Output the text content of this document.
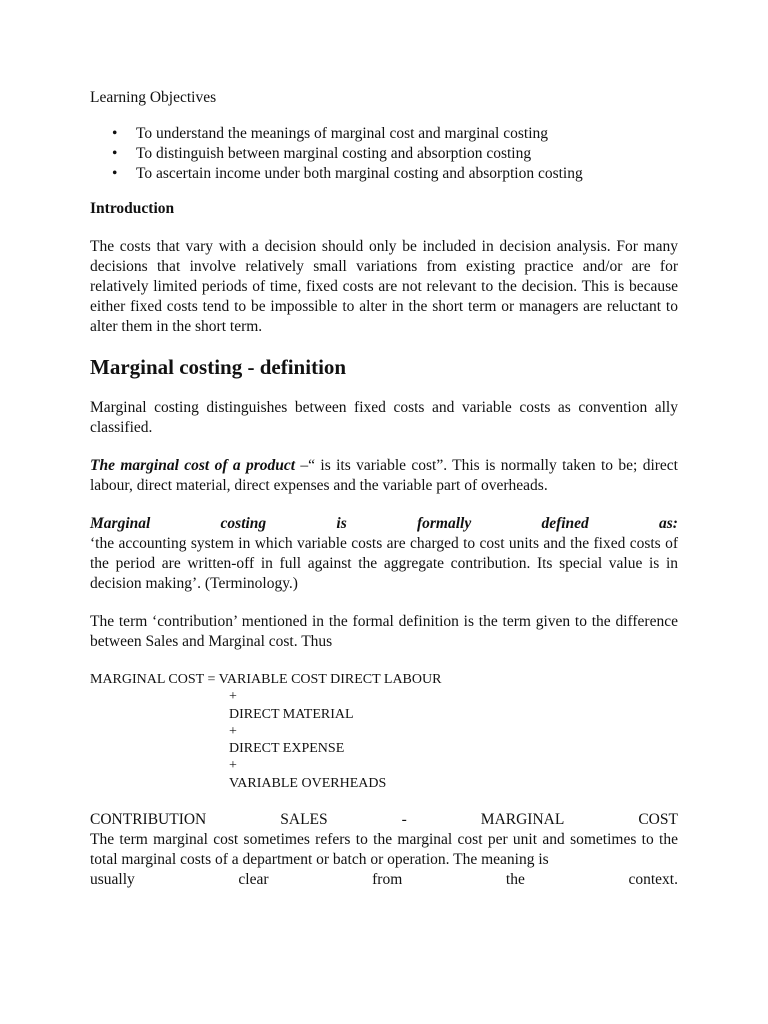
Learning Objectives

• To understand the meanings of marginal cost and marginal costing
• To distinguish between marginal costing and absorption costing
• To ascertain income under both marginal costing and absorption costing

Introduction

The costs that vary with a decision should only be included in decision analysis. For many decisions that involve relatively small variations from existing practice and/or are for relatively limited periods of time, fixed costs are not relevant to the decision. This is because either fixed costs tend to be impossible to alter in the short term or managers are reluctant to alter them in the short term.

Marginal costing - definition

Marginal costing distinguishes between fixed costs and variable costs as convention ally classified.

The marginal cost of a product –“ is its variable cost”. This is normally taken to be; direct labour, direct material, direct expenses and the variable part of overheads.

Marginal	costing	is	formally	defined	as:

‘the accounting system in which variable costs are charged to cost units and the fixed costs of the period are written-off in full against the aggregate contribution. Its special value is in decision making’. (Terminology.)

The term ‘contribution’ mentioned in the formal definition is the term given to the difference between Sales and Marginal cost. Thus

MARGINAL COST = VARIABLE COST DIRECT LABOUR
+
DIRECT MATERIAL
+
DIRECT EXPENSE
+
VARIABLE OVERHEADS
CONTRIBUTION	SALES	-	MARGINAL	COST

The term marginal cost sometimes refers to the marginal cost per unit and sometimes to the total marginal costs of a department or batch or operation. The meaning is

usually	clear	from	the	context.
